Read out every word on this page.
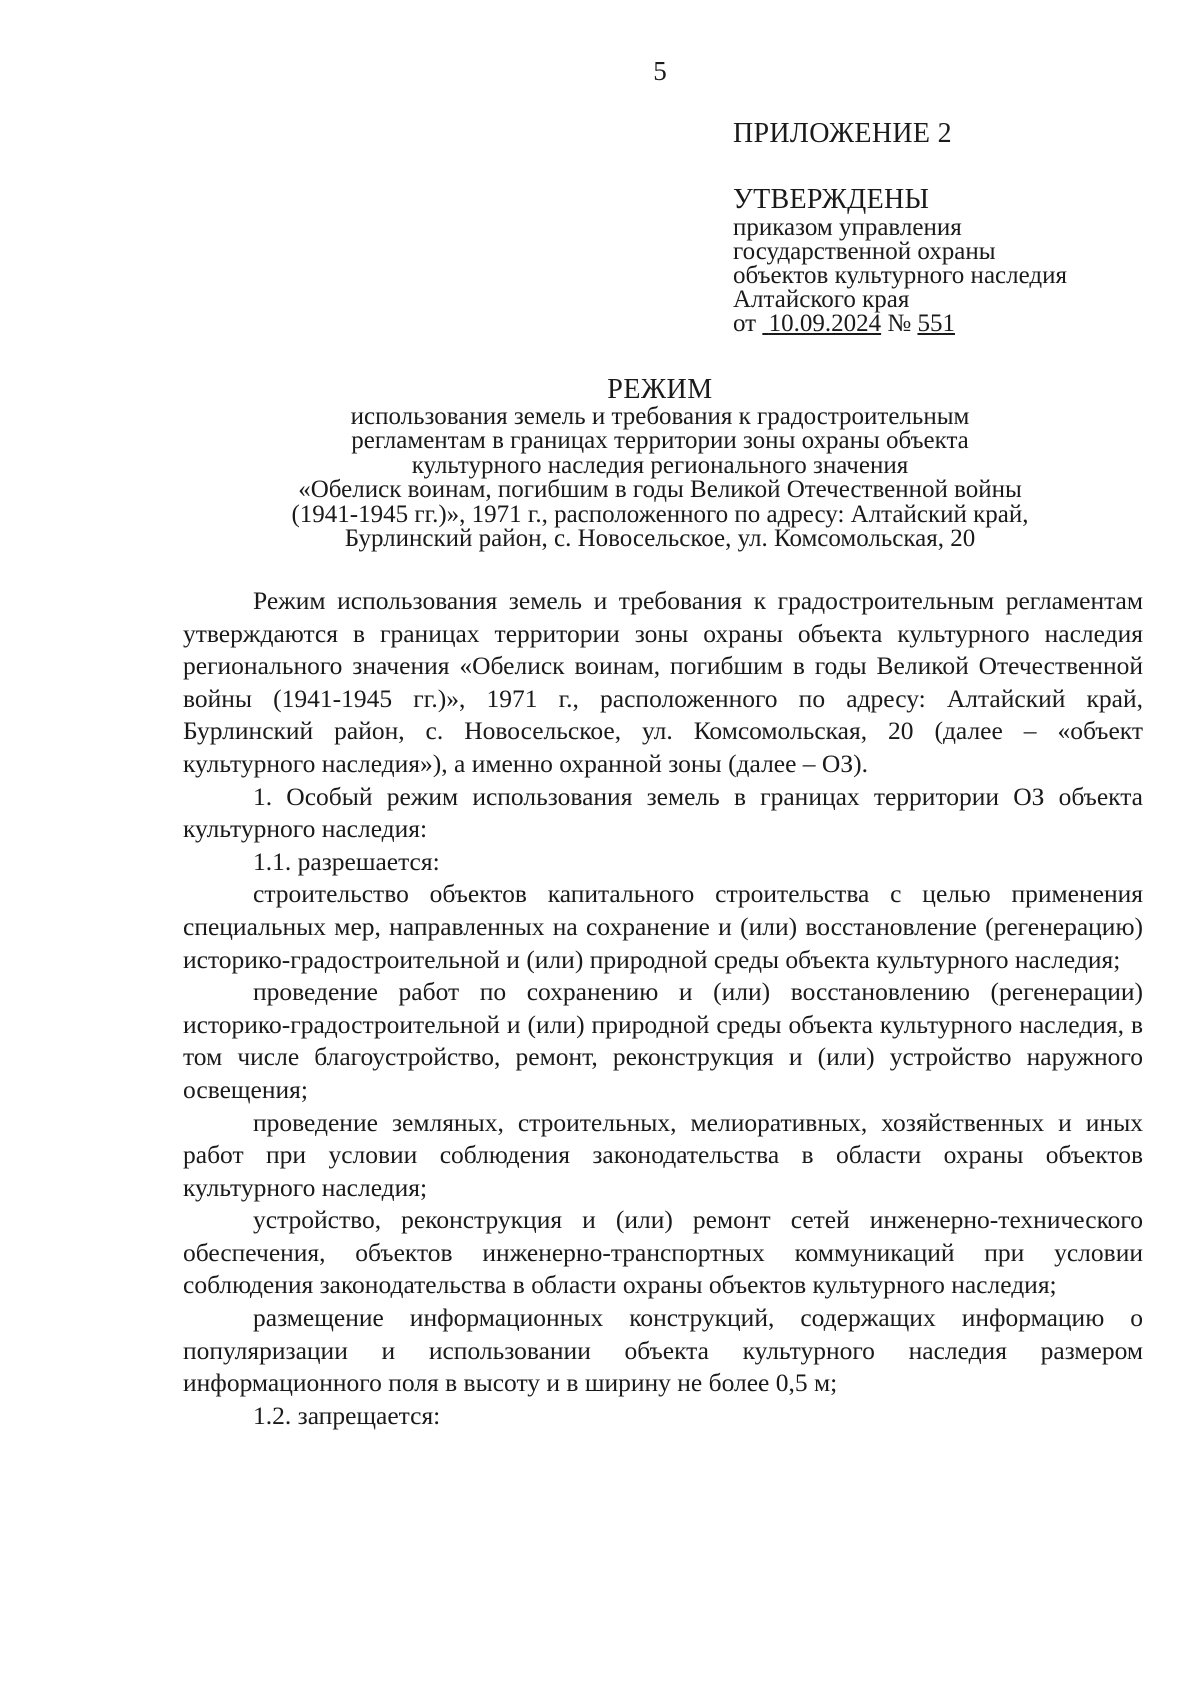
5
ПРИЛОЖЕНИЕ 2
УТВЕРЖДЕНЫ
приказом управления
государственной охраны
объектов культурного наследия
Алтайского края
от 10.09.2024 № 551
РЕЖИМ
использования земель и требования к градостроительным
регламентам в границах территории зоны охраны объекта
культурного наследия регионального значения
«Обелиск воинам, погибшим в годы Великой Отечественной войны
(1941-1945 гг.)», 1971 г., расположенного по адресу: Алтайский край,
Бурлинский район, с. Новосельское, ул. Комсомольская, 20

Режим использования земель и требования к градостроительным регламентам утверждаются в границах территории зоны охраны объекта культурного наследия регионального значения «Обелиск воинам, погибшим в годы Великой Отечественной войны (1941-1945 гг.)», 1971 г., расположенного по адресу: Алтайский край, Бурлинский район, с. Новосельское, ул. Комсомольская, 20 (далее – «объект культурного наследия»), а именно охранной зоны (далее – ОЗ).

1. Особый режим использования земель в границах территории ОЗ объекта культурного наследия:

1.1. разрешается:

строительство объектов капитального строительства с целью применения специальных мер, направленных на сохранение и (или) восстановление (регенерацию) историко-градостроительной и (или) природной среды объекта культурного наследия;

проведение работ по сохранению и (или) восстановлению (регенерации) историко-градостроительной и (или) природной среды объекта культурного наследия, в том числе благоустройство, ремонт, реконструкция и (или) устройство наружного освещения;

проведение земляных, строительных, мелиоративных, хозяйственных и иных работ при условии соблюдения законодательства в области охраны объектов культурного наследия;

устройство, реконструкция и (или) ремонт сетей инженерно-технического обеспечения, объектов инженерно-транспортных коммуникаций при условии соблюдения законодательства в области охраны объектов культурного наследия;

размещение информационных конструкций, содержащих информацию о популяризации и использовании объекта культурного наследия размером информационного поля в высоту и в ширину не более 0,5 м;

1.2. запрещается:
